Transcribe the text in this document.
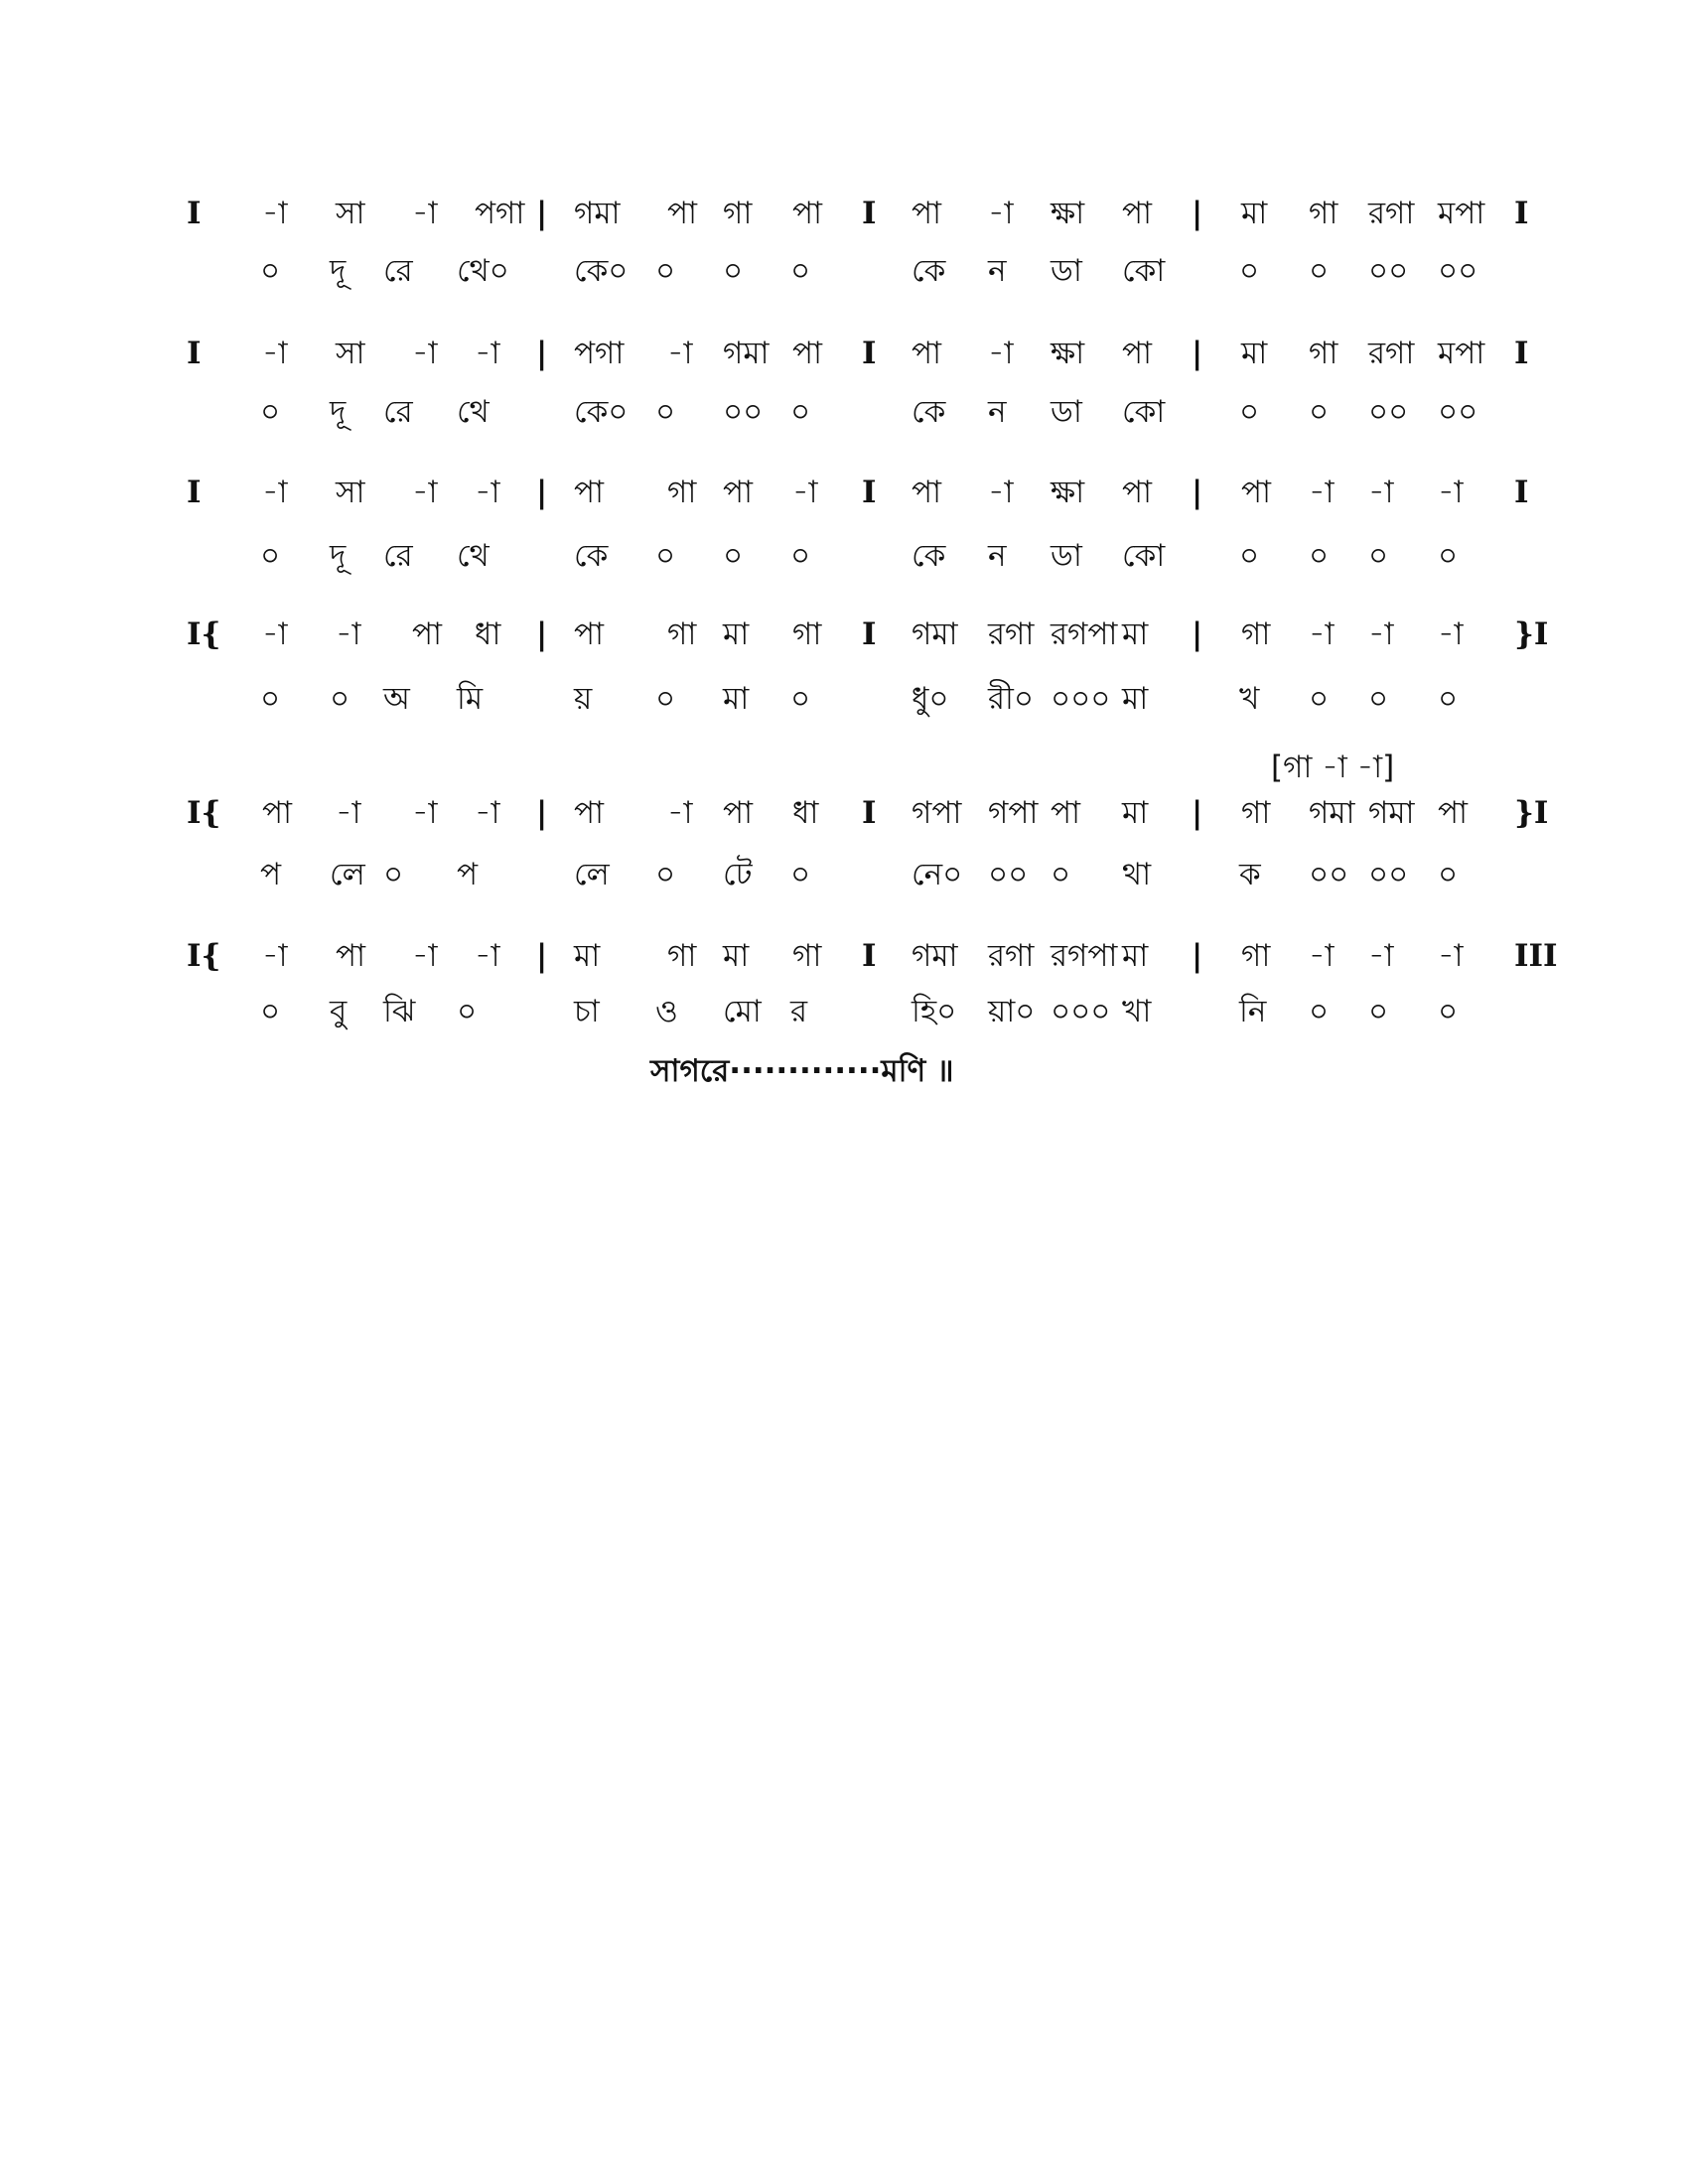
I -া সা -া পগা | গমা পা গা পা I পা -া ক্ষা পা | মা গা রগা মপা I
০ দূ রে থে০ কে০ ০ ০ ০	কে ন ডা কো ০ ০ ০০ ০০
I -া সা -া -া | পগা -া গমা পা I পা -া ক্ষা পা | মা গা রগা মপা I
০ দূ রে থে	কে০ ০ ০০ ০	কে ন ডা কো ০ ০ ০০ ০০
I -া সা -া -া | পা গা পা -া I পা -া ক্ষা পা | পা -া -া -া I
০ দূ রে থে	কে ০ ০ ০	কে ন ডা কো ০ ০ ০ ০
I{ -া -া পা ধা | পা গা মা গা I গমা রগা রগপা মা | গা -া -া -া }I
০ ০ অ মি	য় ০ মা ০	ধু০ রী০ ০০০ মা	খ ০ ০ ০
[গা -া -া]
I{ পা -া -া -া | পা -া পা ধা I গপা গপা পা মা | গা গমা গমা পা }I
প লে ০ প	লে ০ টে ০	নে০ ০০ ০ থা	ক ০০ ০০ ০
I{ -া পা -া -া | মা গা মা গা I গমা রগা রগপা মা | গা -া -া -া III
০ বু ঝি ০	চা ও মো র	হি০ য়া০ ০০০ খা	নি ০ ০ ০
সাগরে·············মণি ॥
